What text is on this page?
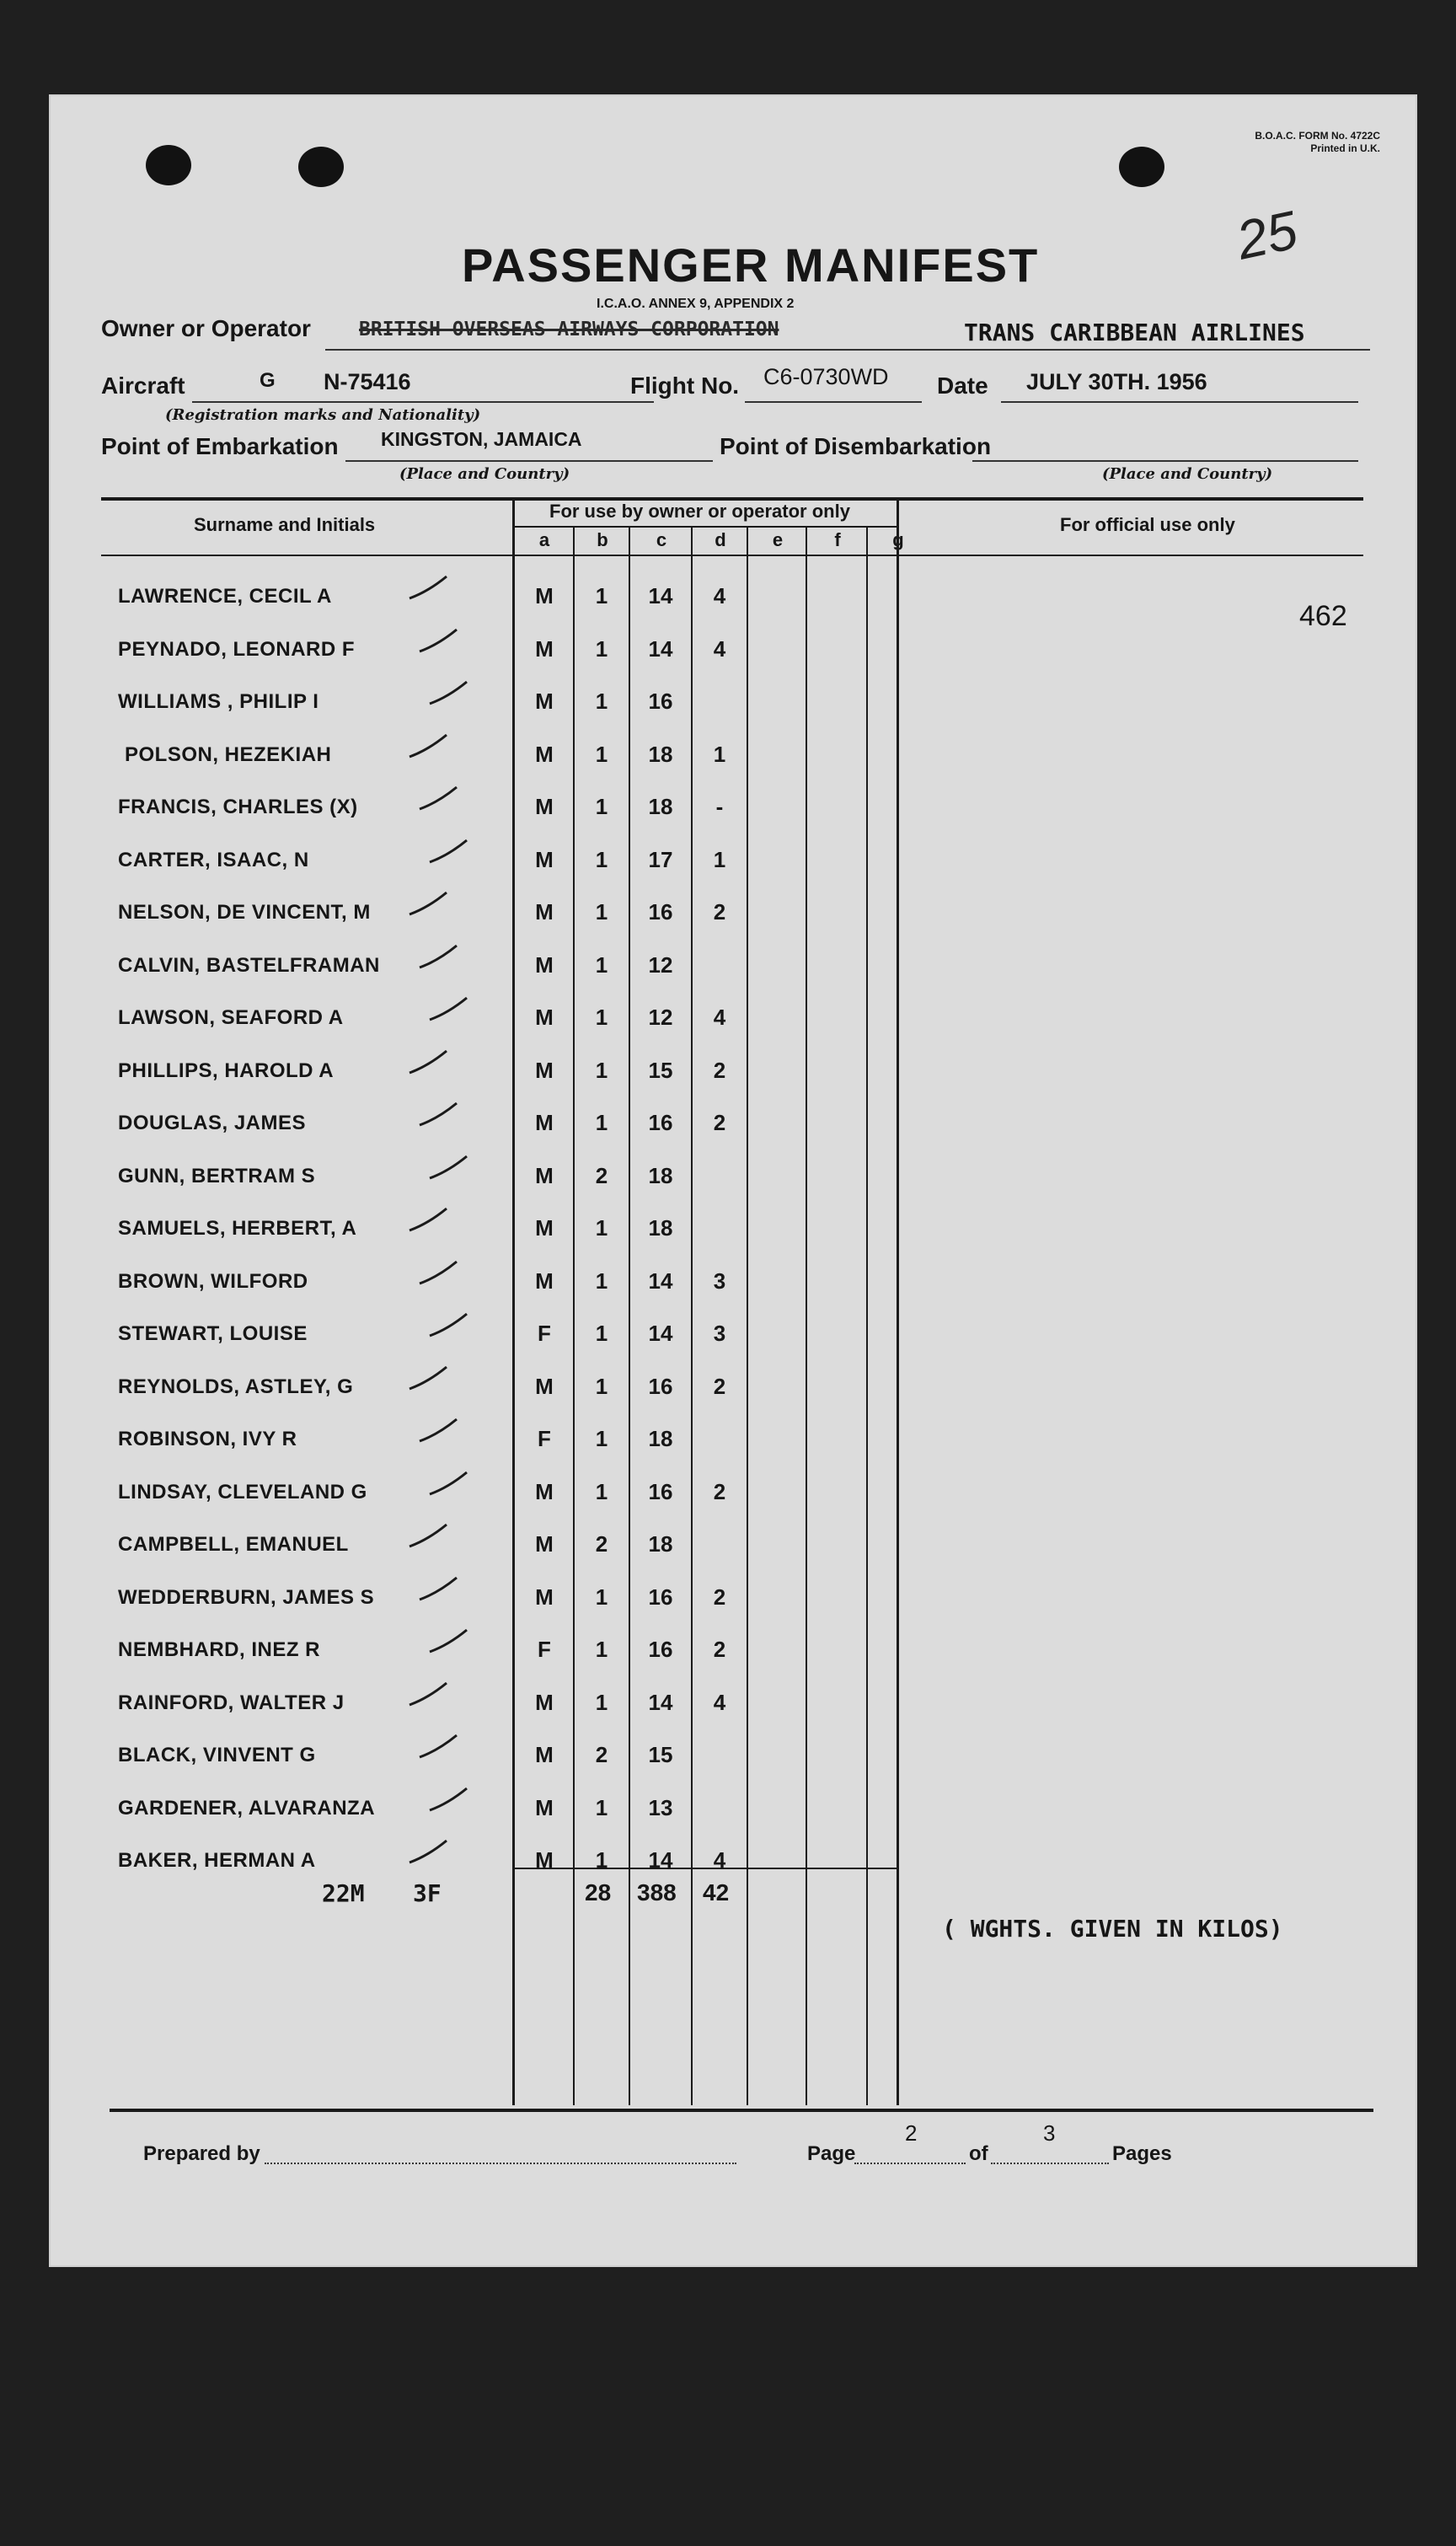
B.O.A.C. FORM No. 4722C
Printed in U.K.
25
PASSENGER MANIFEST
I.C.A.O. ANNEX 9, APPENDIX 2
Owner or Operator BRITISH OVERSEAS AIRWAYS CORPORATION	TRANS CARIBBEAN AIRLINES
Aircraft	G N-75416
(Registration marks and Nationality)
Flight No. C6-0730WD Date JULY 30TH. 1956
Point of Embarkation KINGSTON, JAMAICA
(Place and Country)
Point of Disembarkation
(Place and Country)
Surname and Initials
For use by owner or operator only
For official use only
a	b	c	d	e	f	g
462
LAWRENCE, CECIL A	M	1	14	4
PEYNADO, LEONARD F	M	1	14	4
WILLIAMS , PHILIP I	M	1	16
POLSON, HEZEKIAH	M	1	18	1
FRANCIS, CHARLES (X)	M	1	18	-
CARTER, ISAAC, N	M	1	17	1
NELSON, DE VINCENT, M	M	1	16	2
CALVIN, BASTELFRAMAN	M	1	12
LAWSON, SEAFORD A	M	1	12	4
PHILLIPS, HAROLD A	M	1	15	2
DOUGLAS, JAMES	M	1	16	2
GUNN, BERTRAM S	M	2	18
SAMUELS, HERBERT, A	M	1	18
BROWN, WILFORD	M	1	14	3
STEWART, LOUISE	F	1	14	3
REYNOLDS, ASTLEY, G	M	1	16	2
ROBINSON, IVY R	F	1	18
LINDSAY, CLEVELAND G	M	1	16	2
CAMPBELL, EMANUEL	M	2	18
WEDDERBURN, JAMES S	M	1	16	2
NEMBHARD, INEZ R	F	1	16	2
RAINFORD, WALTER J	M	1	14	4
BLACK, VINVENT G	M	2	15
GARDENER, ALVARANZA	M	1	13
BAKER, HERMAN A	M	1	14	4
22M 3F	28 388 42
( WGHTS. GIVEN IN KILOS)
Prepared by	Page
2
of
3
Pages
